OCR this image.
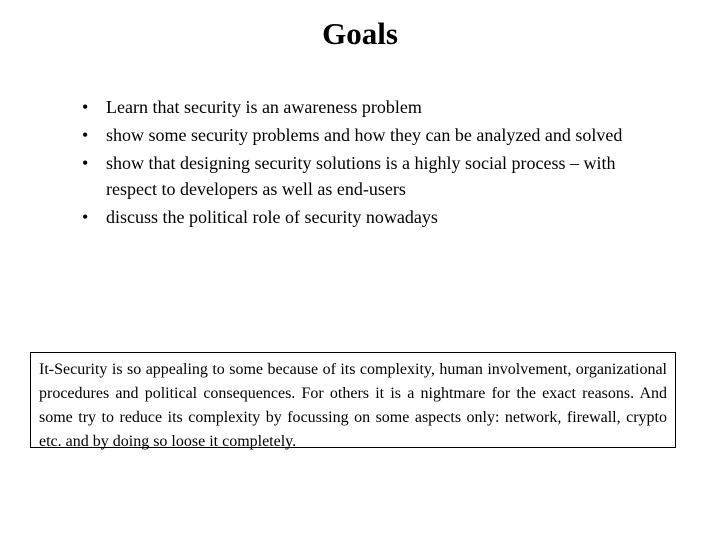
Goals
• Learn that security is an awareness problem
• show some security problems and how they can be analyzed and solved
• show that designing security solutions is a highly social process – with respect to developers as well as end-users
• discuss the political role of security nowadays
It-Security is so appealing to some because of its complexity, human involvement, organizational procedures and political consequences. For others it is a nightmare for the exact reasons. And some try to reduce its complexity by focussing on some aspects only: network, firewall, crypto etc. and by doing so loose it completely.
